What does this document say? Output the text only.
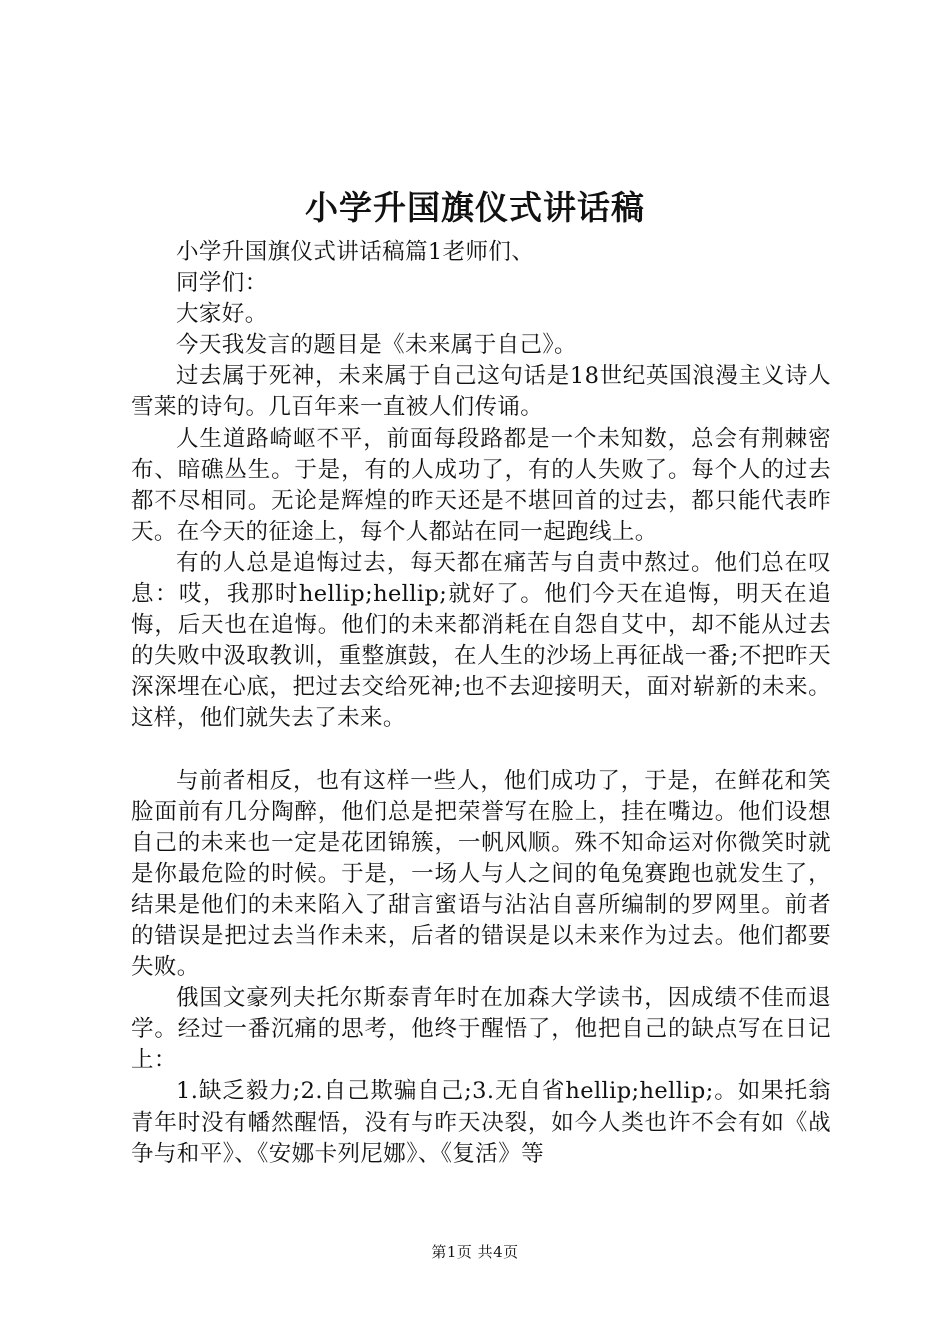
小学升国旗仪式讲话稿

小学升国旗仪式讲话稿篇1老师们、

同学们：

大家好。

今天我发言的题目是《未来属于自己》。

过去属于死神，未来属于自己这句话是18世纪英国浪漫主义诗人雪莱的诗句。几百年来一直被人们传诵。

人生道路崎岖不平，前面每段路都是一个未知数，总会有荆棘密布、暗礁丛生。于是，有的人成功了，有的人失败了。每个人的过去都不尽相同。无论是辉煌的昨天还是不堪回首的过去，都只能代表昨天。在今天的征途上，每个人都站在同一起跑线上。

有的人总是追悔过去，每天都在痛苦与自责中熬过。他们总在叹息：哎，我那时hellip;hellip;就好了。他们今天在追悔，明天在追悔，后天也在追悔。他们的未来都消耗在自怨自艾中，却不能从过去的失败中汲取教训，重整旗鼓，在人生的沙场上再征战一番;不把昨天深深埋在心底，把过去交给死神;也不去迎接明天，面对崭新的未来。这样，他们就失去了未来。

与前者相反，也有这样一些人，他们成功了，于是，在鲜花和笑脸面前有几分陶醉，他们总是把荣誉写在脸上，挂在嘴边。他们设想自己的未来也一定是花团锦簇，一帆风顺。殊不知命运对你微笑时就是你最危险的时候。于是，一场人与人之间的龟兔赛跑也就发生了，结果是他们的未来陷入了甜言蜜语与沾沾自喜所编制的罗网里。前者的错误是把过去当作未来，后者的错误是以未来作为过去。他们都要失败。

俄国文豪列夫托尔斯泰青年时在加森大学读书，因成绩不佳而退学。经过一番沉痛的思考，他终于醒悟了，他把自己的缺点写在日记上：

1.缺乏毅力;2.自己欺骗自己;3.无自省hellip;hellip;。如果托翁青年时没有幡然醒悟，没有与昨天决裂，如今人类也许不会有如《战争与和平》、《安娜卡列尼娜》、《复活》等

第1页 共4页
